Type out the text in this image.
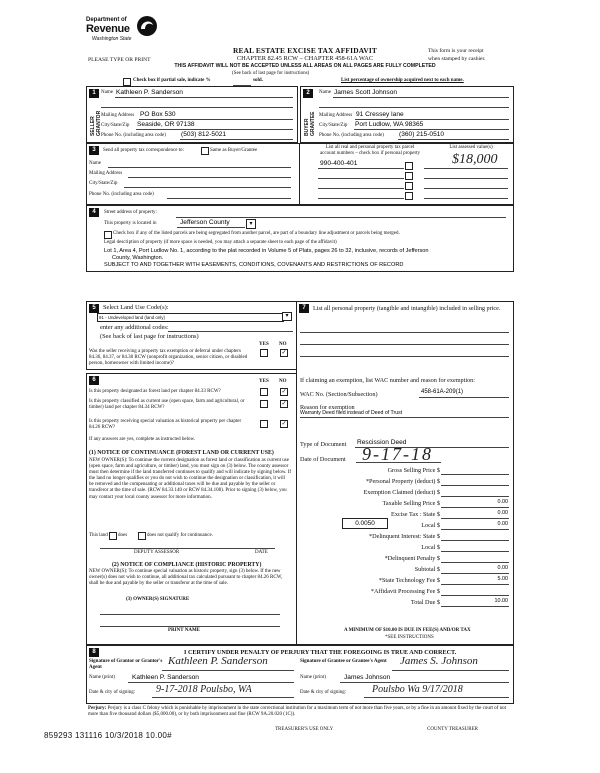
Department of
Revenue
Washington State
REAL ESTATE EXCISE TAX AFFIDAVIT
CHAPTER 82.45 RCW – CHAPTER 458-61A WAC
THIS AFFIDAVIT WILL NOT BE ACCEPTED UNLESS ALL AREAS ON ALL PAGES ARE FULLY COMPLETED
PLEASE TYPE OR PRINT
This form is your receipt
when stamped by cashier.
(See back of last page for instructions)
Check box if partial sale, indicate %	sold.	List percentage of ownership acquired next to each name.
1
SELLER GRANTOR
Name Kathleen P. Sanderson
Mailing Address PO Box 530
City/State/Zip Seaside, OR 97138
Phone No. (including area code) (503) 812-5021
2
BUYER GRANTEE
Name James Scott Johnson
Mailing Address 91 Cressey lane
City/State/Zip Port Ludlow, WA 98365
Phone No. (including area code) (360) 215-0510
3	Send all property tax correspondence to:	Same as Buyer/Grantee
Name
Mailing Address
City/State/Zip
Phone No. (including area code)
List all real and personal property tax parcel account numbers – check box if personal property
List assessed value(s)
990-400-401	$18,000
4	Street address of property:
This property is located in	Jefferson County	▾
Check box if any of the listed parcels are being segregated from another parcel, are part of a boundary line adjustment or parcels being merged.
Legal description of property (if more space is needed, you may attach a separate sheet to each page of the affidavit)
Lot 1, Area 4, Port Ludlow No. 1, according to the plat recorded in Volume 5 of Plats, pages 26 to 32, inclusive, records of Jefferson
County, Washington.
SUBJECT TO AND TOGETHER WITH EASEMENTS, CONDITIONS, COVENANTS AND RESTRICTIONS OF RECORD
5	Select Land Use Code(s):
91 - Undeveloped land (land only)	▾
enter any additional codes:
(See back of last page for instructions)
YES NO
Was the seller receiving a property tax exemption or deferral under chapters 84.36, 84.37, or 84.38 RCW (nonprofit organization, senior citizen, or disabled person, homeowner with limited income)?
✓
6	YES NO
Is this property designated as forest land per chapter 84.33 RCW?	✓
Is this property classified as current use (open space, farm and agricultural, or timber) land per chapter 84.34 RCW?
✓
Is this property receiving special valuation as historical property per chapter 84.26 RCW?
✓
If any answers are yes, complete as instructed below.
(1) NOTICE OF CONTINUANCE (FOREST LAND OR CURRENT USE)
NEW OWNER(S): To continue the current designation as forest land or classification as current use (open space, farm and agriculture, or timber) land, you must sign on (3) below. The county assessor must then determine if the land transferred continues to qualify and will indicate by signing below. If the land no longer qualifies or you do not wish to continue the designation or classification, it will be removed and the compensating or additional taxes will be due and payable by the seller or transferor at the time of sale. (RCW 84.33.140 or RCW 84.34.108). Prior to signing (3) below, you may contact your local county assessor for more information.
This land does	does not qualify for continuance.
DEPUTY ASSESSOR	DATE
(2) NOTICE OF COMPLIANCE (HISTORIC PROPERTY)
NEW OWNER(S): To continue special valuation as historic property, sign (3) below. If the new owner(s) does not wish to continue, all additional tax calculated pursuant to chapter 84.26 RCW, shall be due and payable by the seller or transferor at the time of sale.
(3) OWNER(S) SIGNATURE
PRINT NAME
7	List all personal property (tangible and intangible) included in selling price.
If claiming an exemption, list WAC number and reason for exemption:
WAC No. (Section/Subsection)	458-61A-209(1)
Reason for exemption
Warranty Deed filed instead of Deed of Trust
Type of Document Rescission Deed
Date of Document 9-17-18
Gross Selling Price $
*Personal Property (deduct) $
Exemption Claimed (deduct) $
Taxable Selling Price $	0.00
Excise Tax : State $	0.00
Local $	0.00
*Delinquent Interest: State $
Local $
*Delinquent Penalty $
Subtotal $	0.00
*State Technology Fee $	5.00
*Affidavit Processing Fee $
Total Due $	10.00
0.0050
A MINIMUM OF $10.00 IS DUE IN FEE(S) AND/OR TAX
*SEE INSTRUCTIONS
8	I CERTIFY UNDER PENALTY OF PERJURY THAT THE FOREGOING IS TRUE AND CORRECT.
Signature of Grantor or Grantor's Agent
Kathleen P. Sanderson	Signature of Grantee or Grantee's Agent	James S. Johnson
Name (print)	Kathleen P. Sanderson	Name (print)	James Johnson
Date & city of signing: 9-17-2018 Poulsbo, WA	Date & city of signing:	Poulsbo Wa 9/17/2018
Perjury: Perjury is a class C felony which is punishable by imprisonment in the state correctional institution for a maximum term of not more than five years, or by a fine in an amount fixed by the court of not more than five thousand dollars ($5,000.00), or by both imprisonment and fine (RCW 9A.20.020 (1C)).
859293 131116 10/3/2018 10.00#
TREASURER'S USE ONLY	COUNTY TREASURER
